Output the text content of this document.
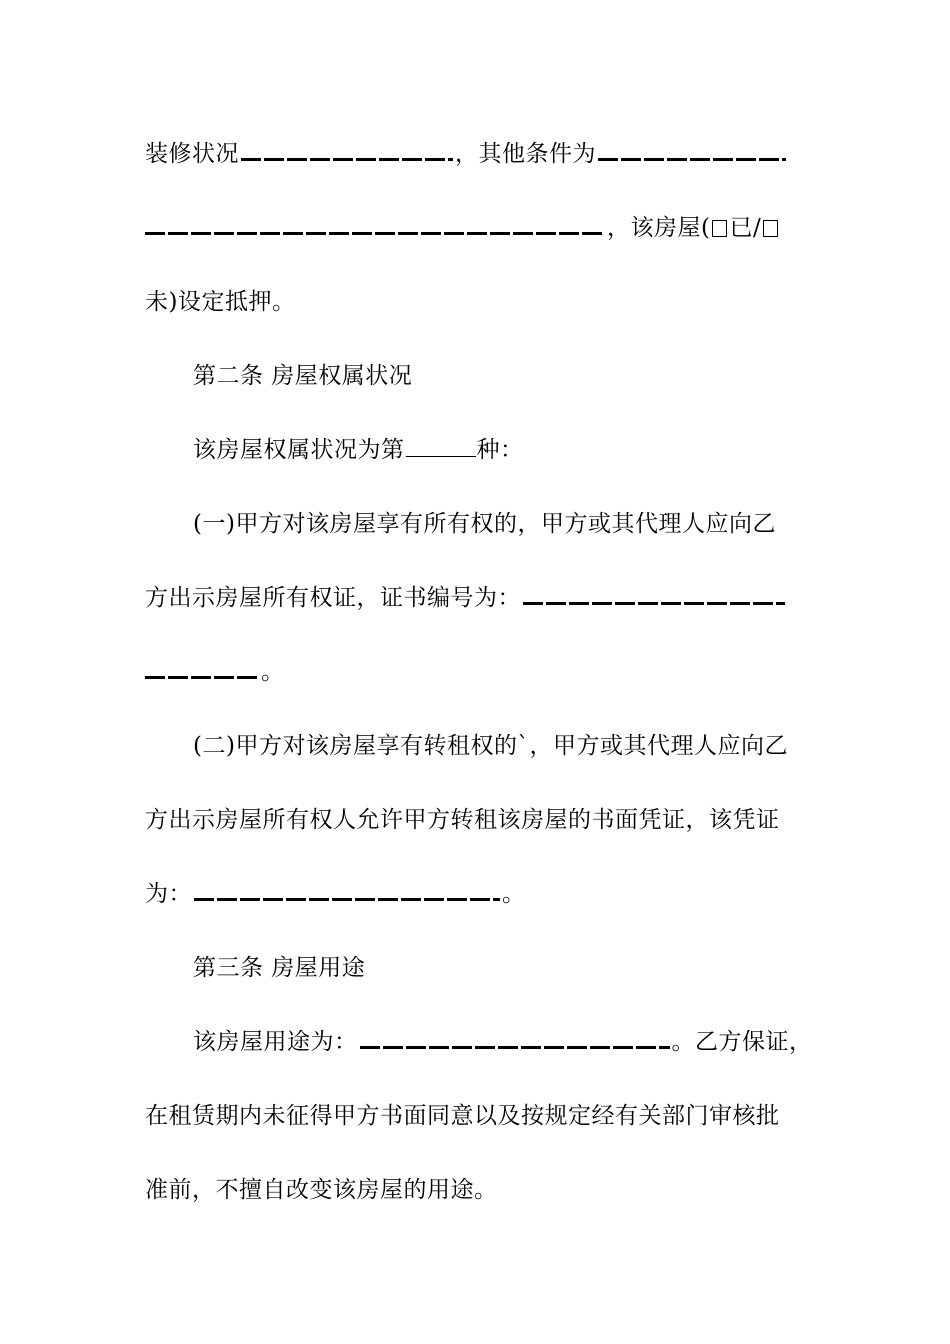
装修状况	，其他条件为
，该房屋( 已/
未)设定抵押。
第二条 房屋权属状况
该房屋权属状况为第	种：
(一)甲方对该房屋享有所有权的，甲方或其代理人应向乙
方出示房屋所有权证，证书编号为：
。
(二)甲方对该房屋享有转租权的`，甲方或其代理人应向乙
方出示房屋所有权人允许甲方转租该房屋的书面凭证，该凭证
为：	。
第三条 房屋用途
该房屋用途为：	。乙方保证，
在租赁期内未征得甲方书面同意以及按规定经有关部门审核批
准前，不擅自改变该房屋的用途。
